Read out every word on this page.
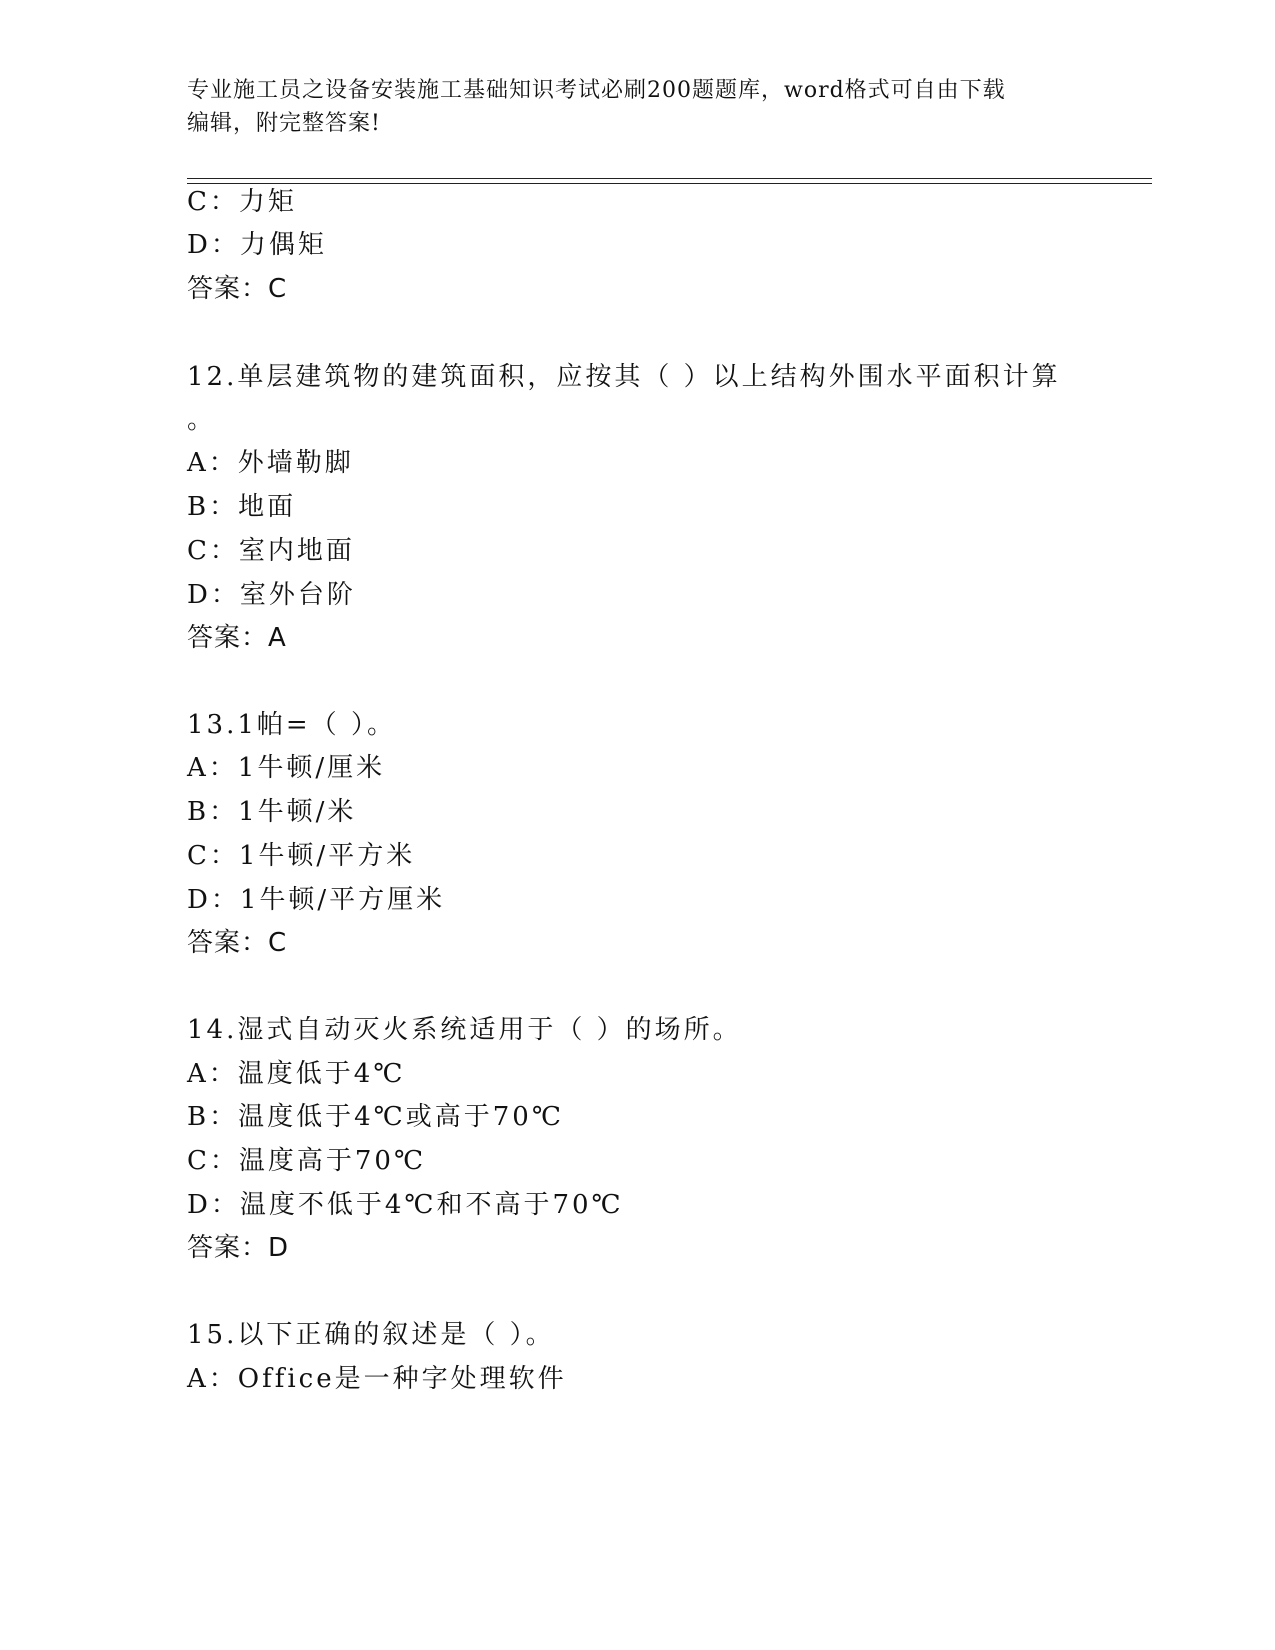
专业施工员之设备安装施工基础知识考试必刷200题题库，word格式可自由下载
编辑，附完整答案!
C：力矩
D：力偶矩
答案：C
12.单层建筑物的建筑面积，应按其（ ）以上结构外围水平面积计算
。
A：外墙勒脚
B：地面
C：室内地面
D：室外台阶
答案：A
13.1帕=（ ）。
A：1牛顿/厘米
B：1牛顿/米
C：1牛顿/平方米
D：1牛顿/平方厘米
答案：C
14.湿式自动灭火系统适用于（ ）的场所。
A：温度低于4℃
B：温度低于4℃或高于70℃
C：温度高于70℃
D：温度不低于4℃和不高于70℃
答案：D
15.以下正确的叙述是（ ）。
A：Office是一种字处理软件
